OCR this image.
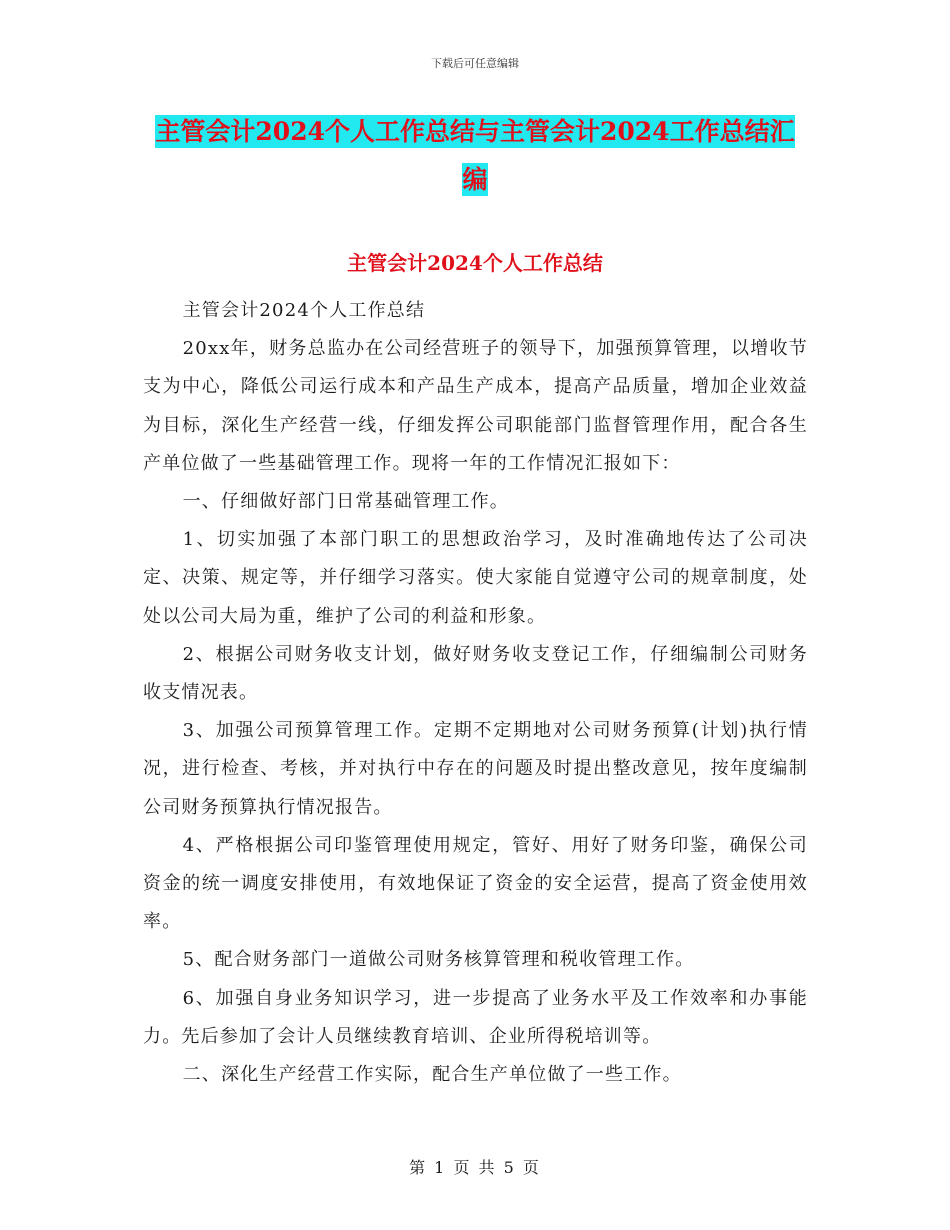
下载后可任意编辑
主管会计2024个人工作总结与主管会计2024工作总结汇编
主管会计2024个人工作总结

主管会计2024个人工作总结

20xx年，财务总监办在公司经营班子的领导下，加强预算管理，以增收节支为中心，降低公司运行成本和产品生产成本，提高产品质量，增加企业效益为目标，深化生产经营一线，仔细发挥公司职能部门监督管理作用，配合各生产单位做了一些基础管理工作。现将一年的工作情况汇报如下：

一、仔细做好部门日常基础管理工作。

1、切实加强了本部门职工的思想政治学习，及时准确地传达了公司决定、决策、规定等，并仔细学习落实。使大家能自觉遵守公司的规章制度，处处以公司大局为重，维护了公司的利益和形象。

2、根据公司财务收支计划，做好财务收支登记工作，仔细编制公司财务收支情况表。

3、加强公司预算管理工作。定期不定期地对公司财务预算(计划)执行情况，进行检查、考核，并对执行中存在的问题及时提出整改意见，按年度编制公司财务预算执行情况报告。

4、严格根据公司印鉴管理使用规定，管好、用好了财务印鉴，确保公司资金的统一调度安排使用，有效地保证了资金的安全运营，提高了资金使用效率。

5、配合财务部门一道做公司财务核算管理和税收管理工作。

6、加强自身业务知识学习，进一步提高了业务水平及工作效率和办事能力。先后参加了会计人员继续教育培训、企业所得税培训等。

二、深化生产经营工作实际，配合生产单位做了一些工作。

第 1 页 共 5 页
